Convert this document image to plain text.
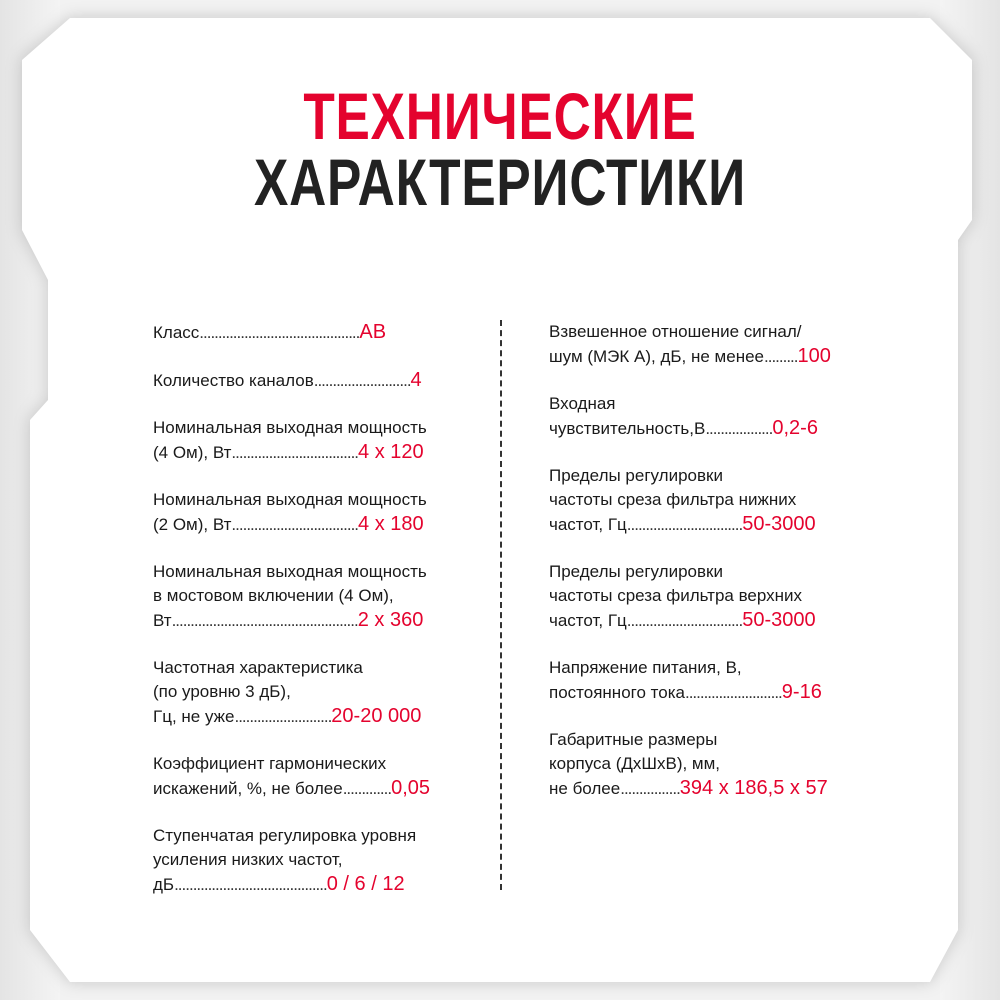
ТЕХНИЧЕСКИЕ
ХАРАКТЕРИСТИКИ
Класс...........................................AB
Количество каналов..........................4
Номинальная выходная мощность
(4 Ом), Вт..................................4 х 120
Номинальная выходная мощность
(2 Ом), Вт..................................4 х 180
Номинальная выходная мощность
в мостовом включении (4 Ом),
Вт..................................................2 х 360
Частотная характеристика
(по уровню 3 дБ),
Гц, не уже..........................20-20 000
Коэффициент гармонических
искажений, %, не более.............0,05
Ступенчатая регулировка уровня
усиления низких частот,
дБ.........................................0 / 6 / 12
Взвешенное отношение сигнал/
шум (МЭК А), дБ, не менее.........100
Входная
чувствительность,В..................0,2-6
Пределы регулировки
частоты среза фильтра нижних
частот, Гц...............................50-3000
Пределы регулировки
частоты среза фильтра верхних
частот, Гц...............................50-3000
Напряжение питания, В,
постоянного тока..........................9-16
Габаритные размеры
корпуса (ДхШхВ), мм,
не более................394 х 186,5 х 57
